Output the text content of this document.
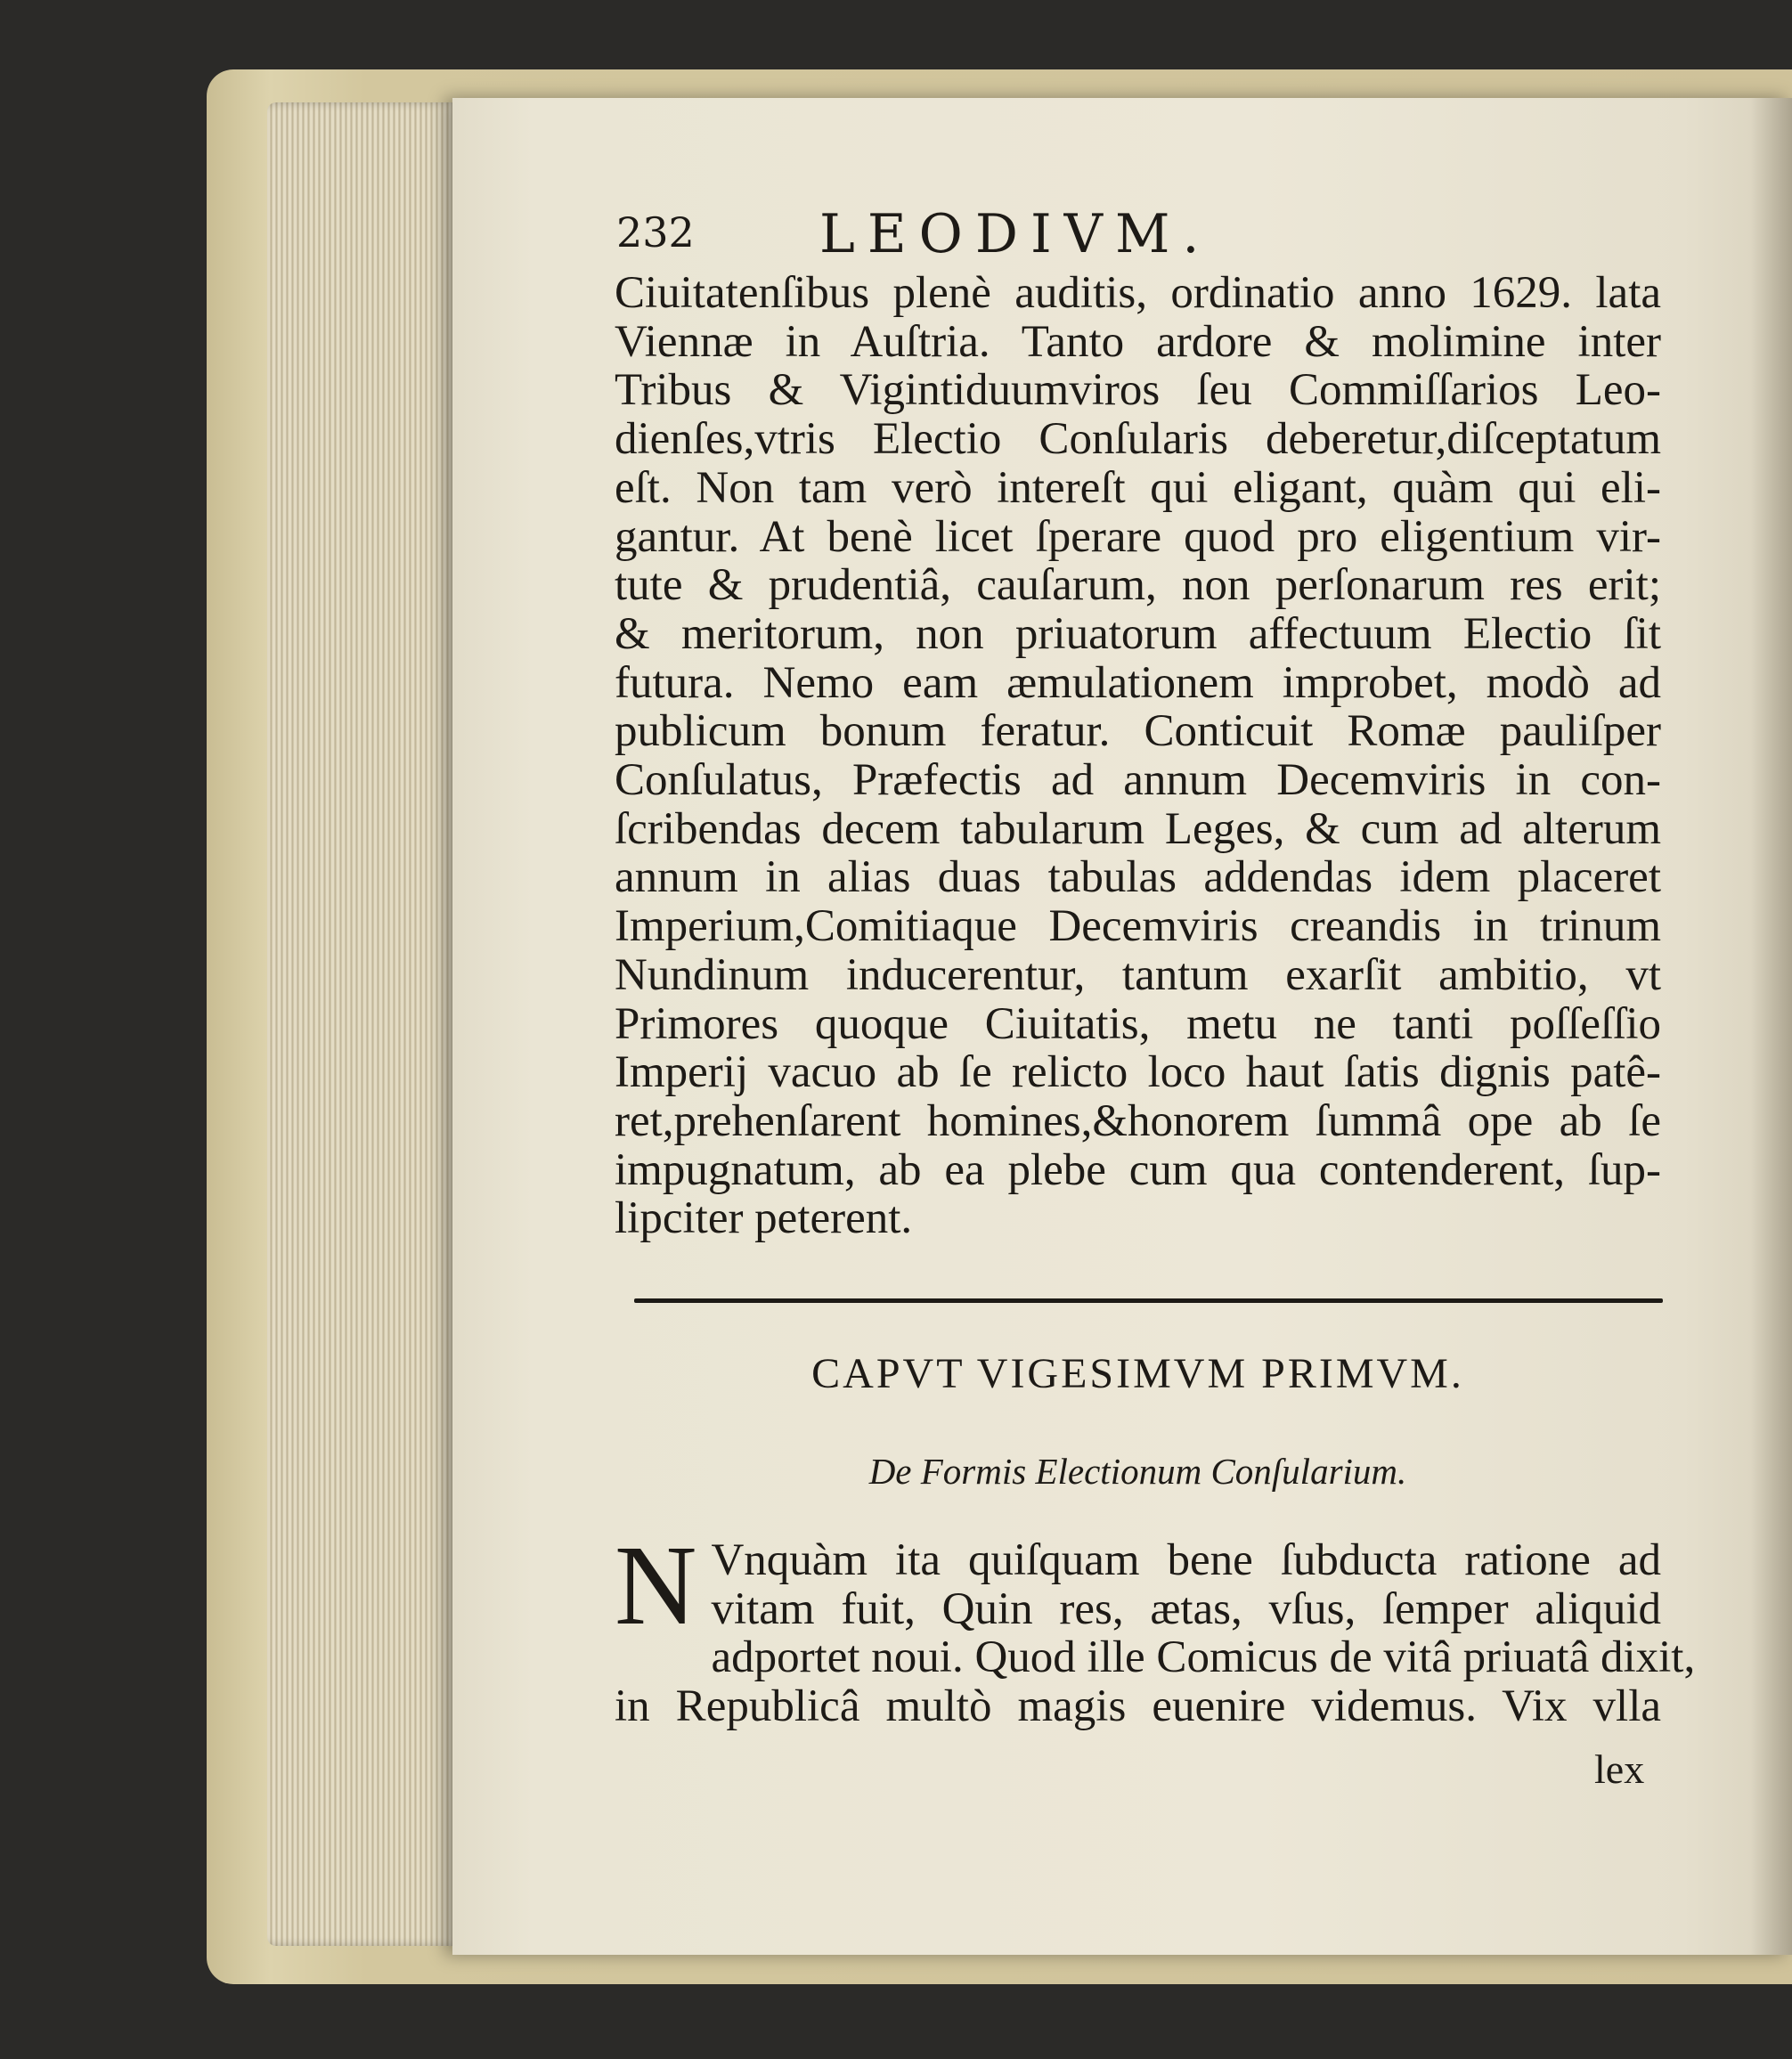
232 LEODIVM.
Ciuitatenſibus plenè auditis, ordinatio anno 1629. lata
Viennæ in Auſtria. Tanto ardore & molimine inter
Tribus & Vigintiduumviros ſeu Commiſſarios Leo-
dienſes,vtris Electio Conſularis deberetur,diſceptatum
eſt. Non tam verò intereſt qui eligant, quàm qui eli-
gantur. At benè licet ſperare quod pro eligentium vir-
tute & prudentiâ, cauſarum, non perſonarum res erit;
& meritorum, non priuatorum affectuum Electio ſit
futura. Nemo eam æmulationem improbet, modò ad
publicum bonum feratur. Conticuit Romæ pauliſper
Conſulatus, Præfectis ad annum Decemviris in con-
ſcribendas decem tabularum Leges, & cum ad alterum
annum in alias duas tabulas addendas idem placeret
Imperium,Comitiaque Decemviris creandis in trinum
Nundinum inducerentur, tantum exarſit ambitio, vt
Primores quoque Ciuitatis, metu ne tanti poſſeſſio
Imperij vacuo ab ſe relicto loco haut ſatis dignis patê-
ret,prehenſarent homines,&honorem ſummâ ope ab ſe
impugnatum, ab ea plebe cum qua contenderent, ſup-
lipciter peterent.
CAPVT VIGESIMVM PRIMVM.
De Formis Electionum Conſularium.
N Vnquàm ita quiſquam bene ſubducta ratione ad
vitam fuit, Quin res, ætas, vſus, ſemper aliquid
adportet noui. Quod ille Comicus de vitâ priuatâ dixit,
in Republicâ multò magis euenire videmus. Vix vlla
lex
